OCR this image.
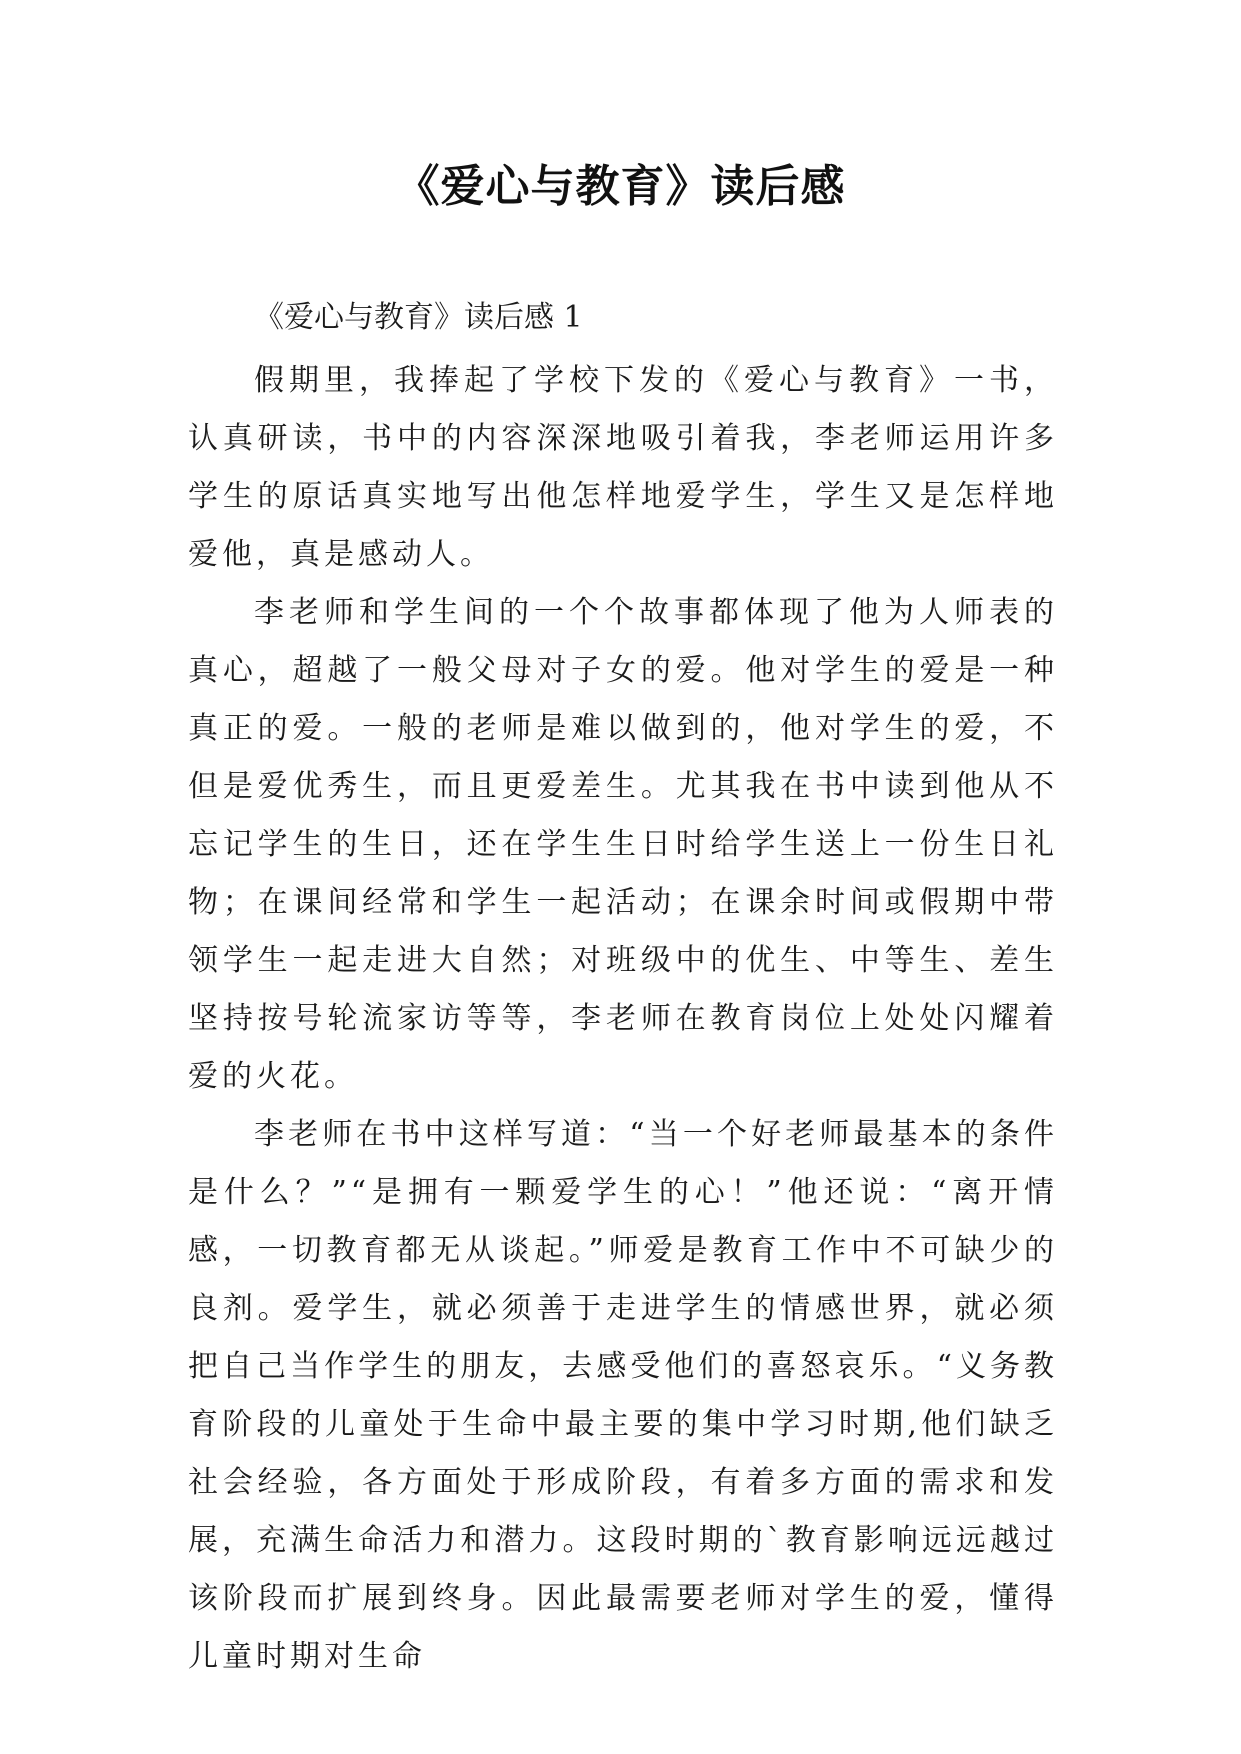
《爱心与教育》读后感
《爱心与教育》读后感 1

假期里，我捧起了学校下发的《爱心与教育》一书，认真研读，书中的内容深深地吸引着我，李老师运用许多学生的原话真实地写出他怎样地爱学生，学生又是怎样地爱他，真是感动人。

李老师和学生间的一个个故事都体现了他为人师表的真心，超越了一般父母对子女的爱。他对学生的爱是一种真正的爱。一般的老师是难以做到的，他对学生的爱，不但是爱优秀生，而且更爱差生。尤其我在书中读到他从不忘记学生的生日，还在学生生日时给学生送上一份生日礼物；在课间经常和学生一起活动；在课余时间或假期中带领学生一起走进大自然；对班级中的优生、中等生、差生坚持按号轮流家访等等，李老师在教育岗位上处处闪耀着爱的火花。

李老师在书中这样写道：“当一个好老师最基本的条件是什么？”“是拥有一颗爱学生的心！”他还说：“离开情感，一切教育都无从谈起。”师爱是教育工作中不可缺少的良剂。爱学生，就必须善于走进学生的情感世界，就必须把自己当作学生的朋友，去感受他们的喜怒哀乐。“义务教育阶段的儿童处于生命中最主要的集中学习时期,他们缺乏社会经验，各方面处于形成阶段，有着多方面的需求和发展，充满生命活力和潜力。这段时期的`教育影响远远越过该阶段而扩展到终身。因此最需要老师对学生的爱，懂得儿童时期对生命
